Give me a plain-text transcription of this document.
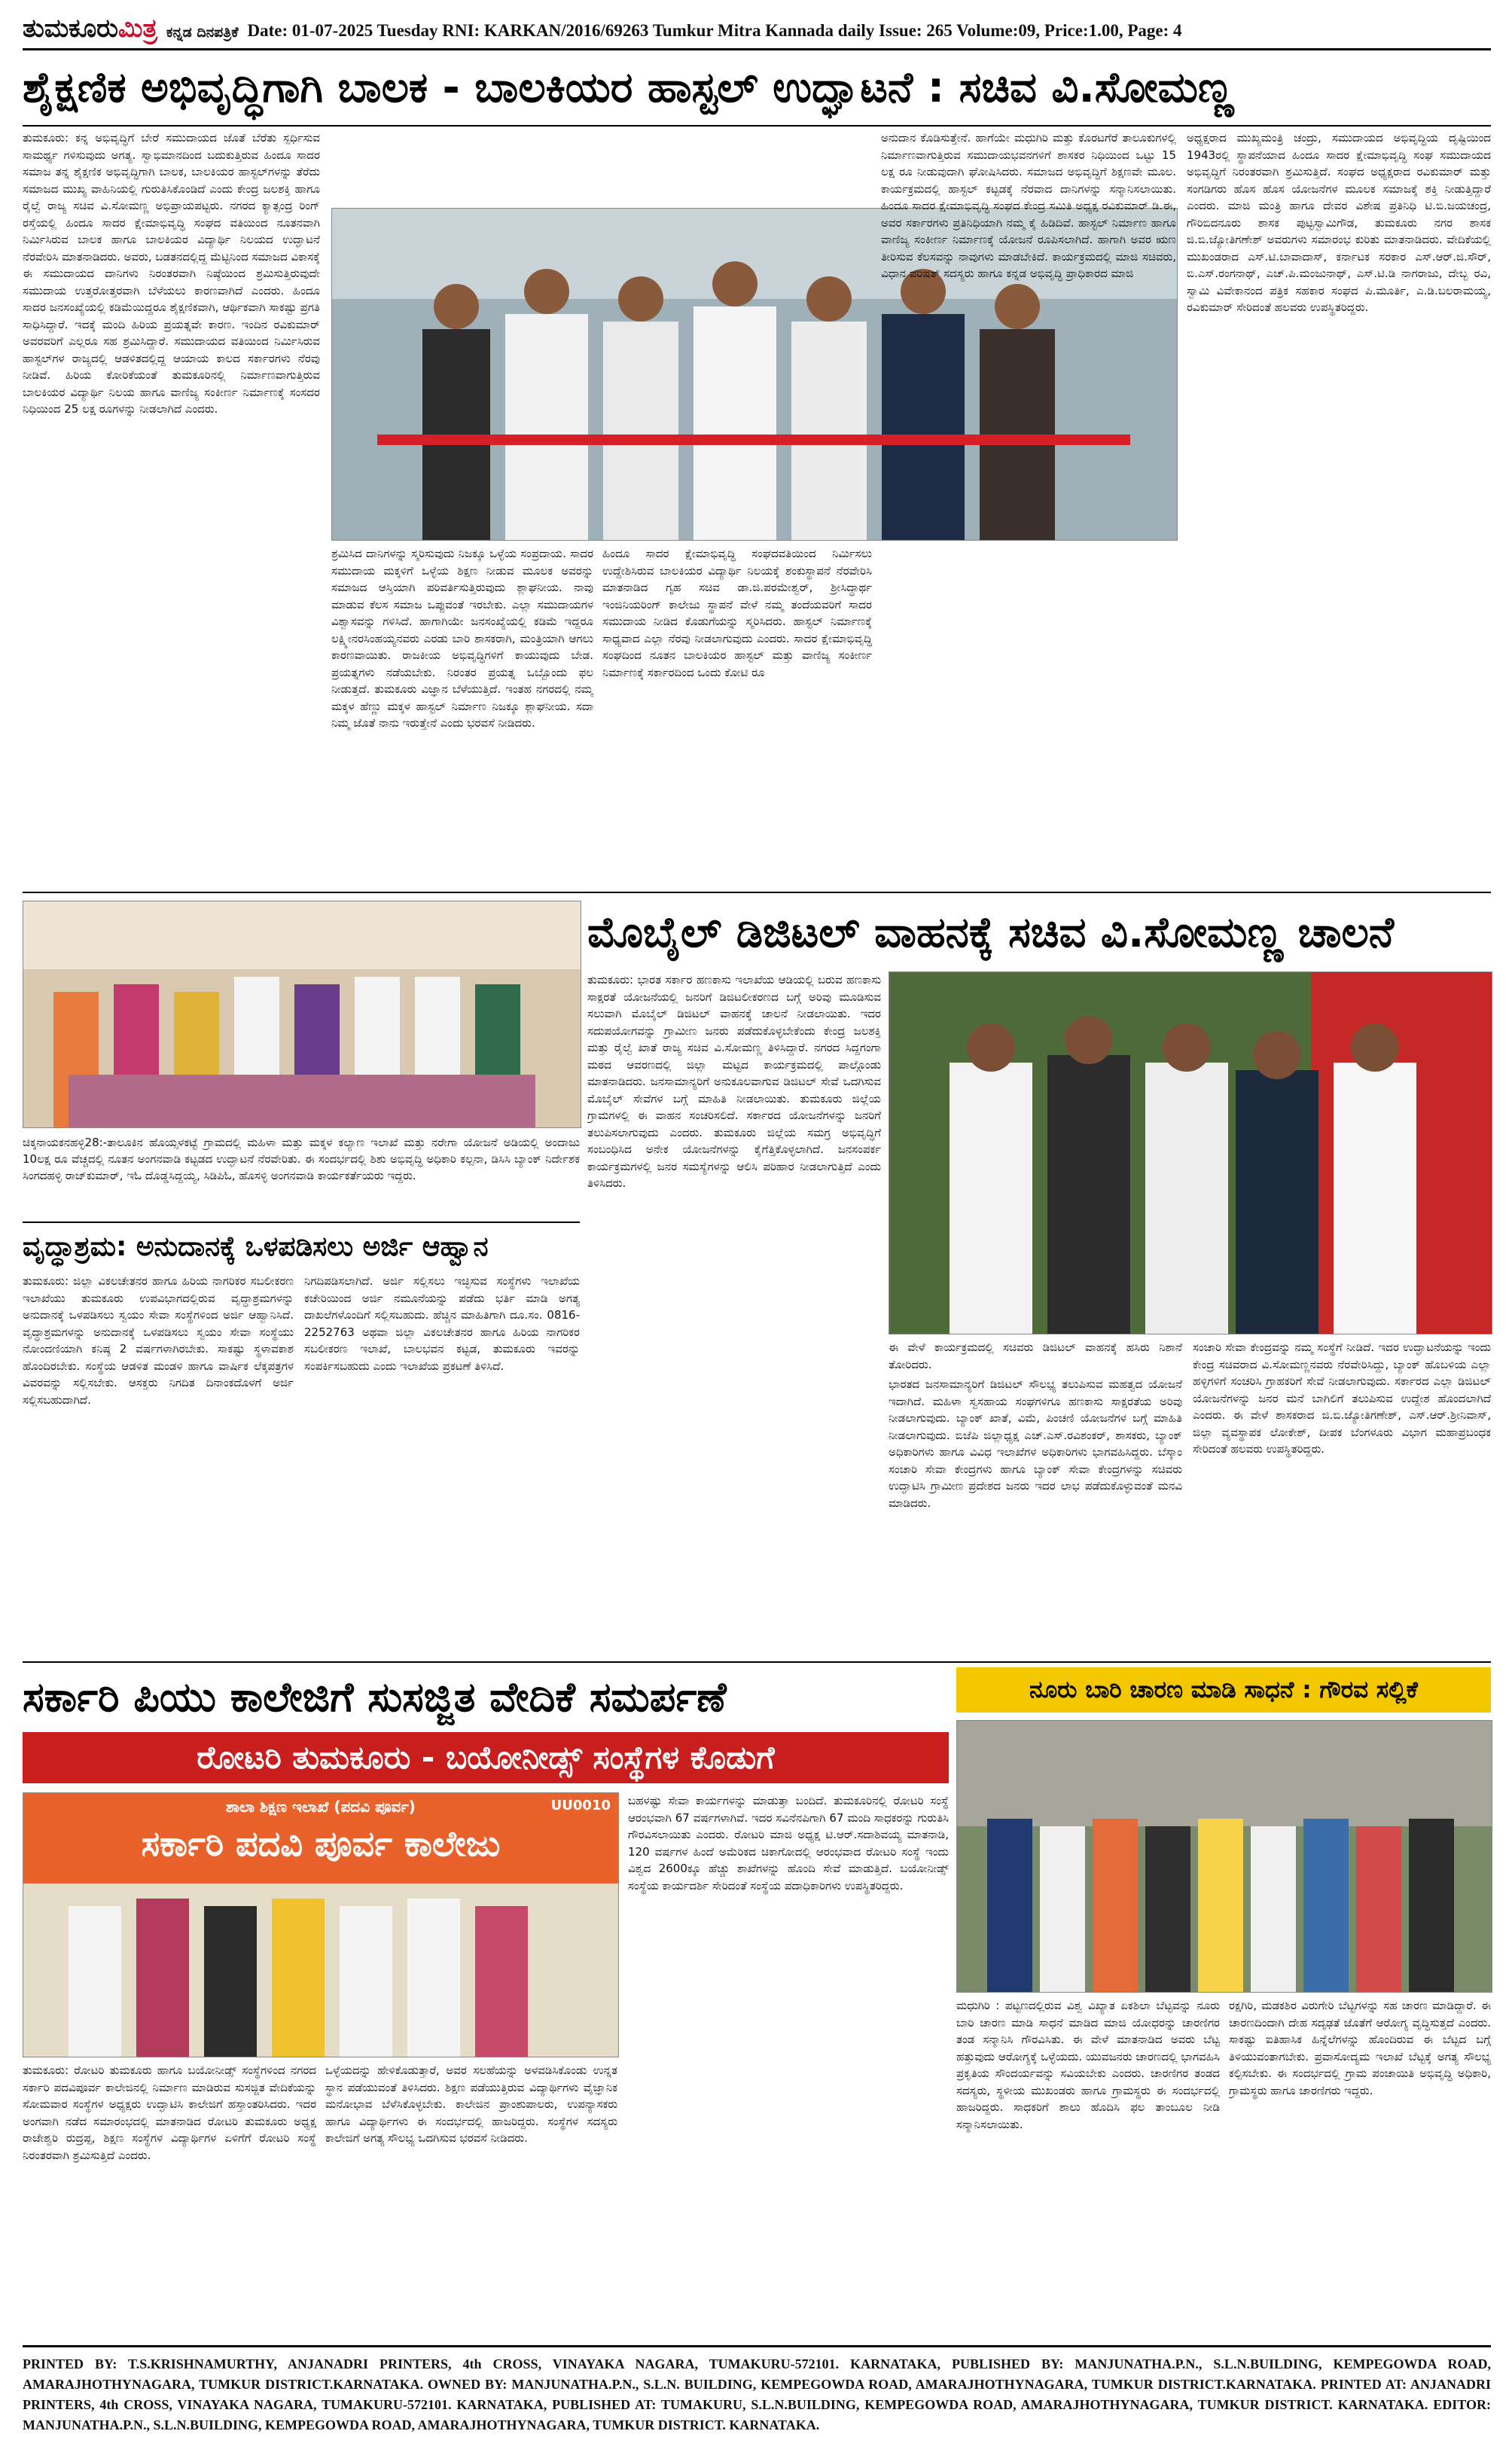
ತುಮಕೂರುಮಿತ್ರ ಕನ್ನಡ ದಿನಪತ್ರಿಕೆ Date: 01-07-2025 Tuesday RNI: KARKAN/2016/69263 Tumkur Mitra Kannada daily Issue: 265 Volume:09, Price:1.00, Page: 4
ಶೈಕ್ಷಣಿಕ ಅಭಿವೃದ್ಧಿಗಾಗಿ ಬಾಲಕ - ಬಾಲಕಿಯರ ಹಾಸ್ಟಲ್ ಉದ್ಘಾಟನೆ : ಸಚಿವ ವಿ.ಸೋಮಣ್ಣ
ತುಮಕೂರು: ಕನ್ನ ಅಭಿವೃದ್ಧಿಗೆ ಬೇರೆ ಸಮುದಾಯದ ಜೊತೆ ಬೆರೆತು ಸ್ಪರ್ಧಿಸುವ ಸಾಮರ್ಥ್ಯ ಗಳಿಸುವುದು ಅಗತ್ಯ. ಸ್ವಾಭಿಮಾನದಿಂದ ಬದುಕುತ್ತಿರುವ ಹಿಂದೂ ಸಾದರ ಸಮಾಜ ತನ್ನ ಶೈಕ್ಷಣಿಕ ಅಭಿವೃದ್ಧಿಗಾಗಿ ಬಾಲಕ, ಬಾಲಕಿಯರ ಹಾಸ್ಟಲ್‌ಗಳನ್ನು ತೆರೆದು ಸಮಾಜದ ಮುಖ್ಯ ವಾಹಿನಿಯಲ್ಲಿ ಗುರುತಿಸಿಕೊಂಡಿದೆ ಎಂದು ಕೇಂದ್ರ ಜಲಶಕ್ತಿ ಹಾಗೂ ರೈಲ್ವೆ ರಾಜ್ಯ ಸಚಿವ ವಿ.ಸೋಮಣ್ಣ ಅಭಿಪ್ರಾಯಪಟ್ಟರು. ನಗರದ ಕ್ಯಾತ್ಸಂದ್ರ ರಿಂಗ್ ರಸ್ತೆಯಲ್ಲಿ ಹಿಂದೂ ಸಾದರ ಕ್ಷೇಮಾಭಿವೃದ್ಧಿ ಸಂಘದ ವತಿಯಿಂದ ನೂತನವಾಗಿ ನಿರ್ಮಿಸಿರುವ ಬಾಲಕ ಹಾಗೂ ಬಾಲಕಿಯರ ವಿದ್ಯಾರ್ಥಿ ನಿಲಯದ ಉದ್ಘಾಟನೆ ನೆರವೇರಿಸಿ ಮಾತನಾಡಿದರು. ಅವರು, ಬಡತನದಲ್ಲಿದ್ದ ಮೆಟ್ಟಿನಿಂದ ಸಮಾಜದ ವಿಕಾಸಕ್ಕೆ ಈ ಸಮುದಾಯದ ದಾನಿಗಳು ನಿರಂತರವಾಗಿ ನಿಷ್ಠೆಯಿಂದ ಶ್ರಮಿಸುತ್ತಿರುವುದೇ ಸಮುದಾಯ ಉತ್ತರೋತ್ತರವಾಗಿ ಬೆಳೆಯಲು ಕಾರಣವಾಗಿದೆ ಎಂದರು. ಹಿಂದೂ ಸಾದರ ಜನಸಂಖ್ಯೆಯಲ್ಲಿ ಕಡಿಮೆಯಿದ್ದರೂ ಶೈಕ್ಷಣಿಕವಾಗಿ, ಆರ್ಥಿಕವಾಗಿ ಸಾಕಷ್ಟು ಪ್ರಗತಿ ಸಾಧಿಸಿದ್ದಾರೆ. ಇದಕ್ಕೆ ಮಂದಿ ಹಿರಿಯ ಪ್ರಯತ್ನವೇ ಕಾರಣ. ಇಂದಿನ ರವಿಕುಮಾರ್ ಅವರವರಿಗೆ ಎಲ್ಲರೂ ಸಹ ಶ್ರಮಿಸಿದ್ದಾರೆ. ಸಮುದಾಯದ ವತಿಯಿಂದ ನಿರ್ಮಿಸಿರುವ ಹಾಸ್ಟಲ್‌ಗಳ ರಾಜ್ಯದಲ್ಲಿ ಆಡಳಿತದಲ್ಲಿದ್ದ ಆಯಾಯ ಕಾಲದ ಸರ್ಕಾರಗಳು ನೆರವು ನೀಡಿವೆ. ಹಿರಿಯ ಕೋರಿಕೆಯಂತೆ ತುಮಕೂರಿನಲ್ಲಿ ನಿರ್ಮಾಣವಾಗುತ್ತಿರುವ ಬಾಲಕಿಯರ ವಿದ್ಯಾರ್ಥಿ ನಿಲಯ ಹಾಗೂ ವಾಣಿಜ್ಯ ಸಂಕೀರ್ಣ ನಿರ್ಮಾಣಕ್ಕೆ ಸಂಸದರ ನಿಧಿಯಿಂದ 25 ಲಕ್ಷ ರೂಗಳನ್ನು ನೀಡಲಾಗಿದೆ ಎಂದರು.
ಶ್ರಮಿಸಿದ ದಾನಿಗಳನ್ನು ಸ್ಮರಿಸುವುದು ನಿಜಕ್ಕೂ ಒಳ್ಳೆಯ ಸಂಪ್ರದಾಯ. ಸಾದರ ಸಮುದಾಯ ಮಕ್ಕಳಿಗೆ ಒಳ್ಳೆಯ ಶಿಕ್ಷಣ ನೀಡುವ ಮೂಲಕ ಅವರನ್ನು ಸಮಾಜದ ಆಸ್ತಿಯಾಗಿ ಪರಿವರ್ತಿಸುತ್ತಿರುವುದು ಶ್ಲಾಘನೀಯ. ನಾವು ಮಾಡುವ ಕೆಲಸ ಸಮಾಜ ಒಪ್ಪುವಂತೆ ಇರಬೇಕು. ಎಲ್ಲಾ ಸಮುದಾಯಗಳ ವಿಶ್ವಾಸವನ್ನು ಗಳಿಸಿದೆ. ಹಾಗಾಗಿಯೇ ಜನಸಂಖ್ಯೆಯಲ್ಲಿ ಕಡಿಮೆ ಇದ್ದರೂ ಲಕ್ಷ್ಮೀನರಸಿಂಹಯ್ಯನವರು ಎರಡು ಬಾರಿ ಶಾಸಕರಾಗಿ, ಮಂತ್ರಿಯಾಗಿ ಆಗಲು ಕಾರಣವಾಯಿತು. ರಾಜಕೀಯ ಅಭಿವೃದ್ಧಿಗಳಿಗೆ ಕಾಯುವುದು ಬೇಡ. ಪ್ರಯತ್ನಗಳು ನಡೆಯಬೇಕು. ನಿರಂತರ ಪ್ರಯತ್ನ ಒಬ್ಬೊಂದು ಫಲ ನೀಡುತ್ತದೆ. ತುಮಕೂರು ವಿಜ್ಞಾನ ಬೆಳೆಯುತ್ತಿದೆ. ಇಂತಹ ನಗರದಲ್ಲಿ ನಮ್ಮ ಮಕ್ಕಳ ಹೆಣ್ಣು ಮಕ್ಕಳ ಹಾಸ್ಟಲ್ ನಿರ್ಮಾಣ ನಿಜಕ್ಕೂ ಶ್ಲಾಘನೀಯ. ಸದಾ ನಿಮ್ಮ ಜೊತೆ ನಾನು ಇರುತ್ತೇನೆ ಎಂದು ಭರವಸೆ ನೀಡಿದರು.
ಹಿಂದೂ ಸಾದರ ಕ್ಷೇಮಾಭಿವೃದ್ಧಿ ಸಂಘದವತಿಯಿಂದ ನಿರ್ಮಿಸಲು ಉದ್ದೇಶಿಸಿರುವ ಬಾಲಕಿಯರ ವಿದ್ಯಾರ್ಥಿ ನಿಲಯಕ್ಕೆ ಶಂಕುಸ್ಥಾಪನೆ ನೆರವೇರಿಸಿ ಮಾತನಾಡಿದ ಗೃಹ ಸಚಿವ ಡಾ.ಜಿ.ಪರಮೇಶ್ವರ್, ಶ್ರೀಸಿದ್ಧಾರ್ಥ ಇಂಜಿನಿಯರಿಂಗ್ ಕಾಲೇಜು ಸ್ಥಾಪನೆ ವೇಳೆ ನಮ್ಮ ತಂದೆಯವರಿಗೆ ಸಾದರ ಸಮುದಾಯ ನೀಡಿದ ಕೊಡುಗೆಯನ್ನು ಸ್ಮರಿಸಿದರು. ಹಾಸ್ಟಲ್ ನಿರ್ಮಾಣಕ್ಕೆ ಸಾಧ್ಯವಾದ ಎಲ್ಲಾ ನೆರವು ನೀಡಲಾಗುವುದು ಎಂದರು. ಸಾದರ ಕ್ಷೇಮಾಭಿವೃದ್ಧಿ ಸಂಘದಿಂದ ನೂತನ ಬಾಲಕಿಯರ ಹಾಸ್ಟಲ್ ಮತ್ತು ವಾಣಿಜ್ಯ ಸಂಕೀರ್ಣ ನಿರ್ಮಾಣಕ್ಕೆ ಸರ್ಕಾರದಿಂದ ಒಂದು ಕೋಟಿ ರೂ
ಅನುದಾನ ಕೊಡಿಸುತ್ತೇನೆ. ಹಾಗೆಯೇ ಮಧುಗಿರಿ ಮತ್ತು ಕೊರಟಗೆರೆ ತಾಲೂಕುಗಳಲ್ಲಿ ನಿರ್ಮಾಣವಾಗುತ್ತಿರುವ ಸಮುದಾಯಭವನಗಳಿಗೆ ಶಾಸಕರ ನಿಧಿಯಿಂದ ಒಟ್ಟು 15 ಲಕ್ಷ ರೂ ನೀಡುವುದಾಗಿ ಘೋಷಿಸಿದರು. ಸಮಾಜದ ಅಭಿವೃದ್ಧಿಗೆ ಶಿಕ್ಷಣವೇ ಮೂಲ. ಕಾರ್ಯಕ್ರಮದಲ್ಲಿ ಹಾಸ್ಟಲ್ ಕಟ್ಟಡಕ್ಕೆ ನೆರವಾದ ದಾನಿಗಳನ್ನು ಸನ್ಮಾನಿಸಲಾಯಿತು. ಹಿಂದೂ ಸಾದರ ಕ್ಷೇಮಾಭಿವೃದ್ಧಿ ಸಂಘದ ಕೇಂದ್ರ ಸಮಿತಿ ಅಧ್ಯಕ್ಷ ರವಿಕುಮಾರ್ ಡಿ.ಈ, ಅವರ ಸರ್ಕಾರಗಳು ಪ್ರತಿನಿಧಿಯಾಗಿ ನಮ್ಮ ಕೈ ಹಿಡಿದಿವೆ. ಹಾಸ್ಟಲ್ ನಿರ್ಮಾಣ ಹಾಗೂ ವಾಣಿಜ್ಯ ಸಂಕೀರ್ಣ ನಿರ್ಮಾಣಕ್ಕೆ ಯೋಜನೆ ರೂಪಿಸಲಾಗಿದೆ. ಹಾಗಾಗಿ ಅವರ ಋಣ ತೀರಿಸುವ ಕೆಲಸವನ್ನು ನಾವುಗಳು ಮಾಡಬೇಕಿದೆ. ಕಾರ್ಯಕ್ರಮದಲ್ಲಿ ಮಾಜಿ ಸಚಿವರು, ವಿಧಾನ ಪರಿಷತ್ ಸದಸ್ಯರು ಹಾಗೂ ಕನ್ನಡ ಅಭಿವೃದ್ಧಿ ಪ್ರಾಧಿಕಾರದ ಮಾಜಿ
ಅಧ್ಯಕ್ಷರಾದ ಮುಖ್ಯಮಂತ್ರಿ ಚಂದ್ರು, ಸಮುದಾಯದ ಅಭಿವೃದ್ಧಿಯ ದೃಷ್ಟಿಯಿಂದ 1943ರಲ್ಲಿ ಸ್ಥಾಪನೆಯಾದ ಹಿಂದೂ ಸಾದರ ಕ್ಷೇಮಾಭಿವೃದ್ಧಿ ಸಂಘ ಸಮುದಾಯದ ಅಭಿವೃದ್ಧಿಗೆ ನಿರಂತರವಾಗಿ ಶ್ರಮಿಸುತ್ತಿದೆ. ಸಂಘದ ಅಧ್ಯಕ್ಷರಾದ ರವಿಕುಮಾರ್ ಮತ್ತು ಸಂಗಡಿಗರು ಹೊಸ ಹೊಸ ಯೋಜನೆಗಳ ಮೂಲಕ ಸಮಾಜಕ್ಕೆ ಶಕ್ತಿ ನೀಡುತ್ತಿದ್ದಾರೆ ಎಂದರು. ಮಾಜಿ ಮಂತ್ರಿ ಹಾಗೂ ದೇವರ ವಿಶೇಷ ಪ್ರತಿನಿಧಿ ಟಿ.ಬಿ.ಜಯಚಂದ್ರ, ಗೌರಿಬಿದನೂರು ಶಾಸಕ ಪುಟ್ಟಸ್ವಾಮಿಗೌಡ, ತುಮಕೂರು ನಗರ ಶಾಸಕ ಜಿ.ಬಿ.ಜ್ಯೋತಿಗಣೇಶ್ ಅವರುಗಳು ಸಮಾರಂಭ ಕುರಿತು ಮಾತನಾಡಿದರು. ವೇದಿಕೆಯಲ್ಲಿ ಮುಖಂಡರಾದ ಎಸ್.ಟಿ.ಬಾವಾದಾಸ್, ಕರ್ನಾಟಕ ಸರಕಾರ ಎಸ್.ಆರ್.ಜಿ.ಸೌರ್, ಬಿ.ಎಸ್.ರಂಗನಾಥ್, ಎಚ್.ಪಿ.ಮಂಜುನಾಥ್, ಎಸ್.ಟಿ.ಡಿ ನಾಗರಾಜು, ದೇಬ್ಬ ರವಿ, ಸ್ವಾಮಿ ವಿವೇಕಾನಂದ ಪತ್ರಿಕ ಸಹಕಾರ ಸಂಘದ ಪಿ.ಮೂರ್ತಿ, ಎ.ಡಿ.ಬಲರಾಮಯ್ಯ, ರವಿಕುಮಾರ್ ಸೇರಿದಂತೆ ಹಲವರು ಉಪಸ್ಥಿತರಿದ್ದರು.
ಚಿಕ್ಕನಾಯಕನಹಳ್ಳಿ28:-ತಾಲೂಕಿನ ಹೊಯ್ಸಳಕಟ್ಟೆ ಗ್ರಾಮದಲ್ಲಿ ಮಹಿಳಾ ಮತ್ತು ಮಕ್ಕಳ ಕಲ್ಯಾಣ ಇಲಾಖೆ ಮತ್ತು ನರೇಗಾ ಯೋಜನೆ ಅಡಿಯಲ್ಲಿ ಅಂದಾಜು 10ಲಕ್ಷ ರೂ ವೆಚ್ಚದಲ್ಲಿ ನೂತನ ಅಂಗನವಾಡಿ ಕಟ್ಟಡದ ಉದ್ಘಾಟನೆ ನೆರವೇರಿತು. ಈ ಸಂದರ್ಭದಲ್ಲಿ ಶಿಶು ಅಭಿವೃದ್ಧಿ ಅಧಿಕಾರಿ ಕಲ್ಪನಾ, ಡಿಸಿಸಿ ಬ್ಯಾಂಕ್ ನಿರ್ದೇಶಕ ಸಿಂಗದಹಳ್ಳಿ ರಾಜ್‌ಕುಮಾರ್, ಇಓ ದೊಡ್ಡಸಿದ್ದಯ್ಯ, ಸಿಡಿಪಿಓ, ಹೊಸಳ್ಳಿ ಅಂಗನವಾಡಿ ಕಾರ್ಯಕರ್ತೆಯರು ಇದ್ದರು.
ವೃದ್ಧಾಶ್ರಮ: ಅನುದಾನಕ್ಕೆ ಒಳಪಡಿಸಲು ಅರ್ಜಿ ಆಹ್ವಾನ
ತುಮಕೂರು: ಜಿಲ್ಲಾ ವಿಕಲಚೇತನರ ಹಾಗೂ ಹಿರಿಯ ನಾಗರಿಕರ ಸಬಲೀಕರಣ ಇಲಾಖೆಯು ತುಮಕೂರು ಉಪವಿಭಾಗದಲ್ಲಿರುವ ವೃದ್ಧಾಶ್ರಮಗಳನ್ನು ಅನುದಾನಕ್ಕೆ ಒಳಪಡಿಸಲು ಸ್ವಯಂ ಸೇವಾ ಸಂಸ್ಥೆಗಳಿಂದ ಅರ್ಜಿ ಆಹ್ವಾನಿಸಿದೆ. ವೃದ್ಧಾಶ್ರಮಗಳನ್ನು ಅನುದಾನಕ್ಕೆ ಒಳಪಡಿಸಲು ಸ್ವಯಂ ಸೇವಾ ಸಂಸ್ಥೆಯು ನೋಂದಣಿಯಾಗಿ ಕನಿಷ್ಠ 2 ವರ್ಷಗಳಾಗಿರಬೇಕು. ಸಾಕಷ್ಟು ಸ್ಥಳಾವಕಾಶ ಹೊಂದಿರಬೇಕು. ಸಂಸ್ಥೆಯ ಆಡಳಿತ ಮಂಡಳಿ ಹಾಗೂ ವಾರ್ಷಿಕ ಲೆಕ್ಕಪತ್ರಗಳ ವಿವರವನ್ನು ಸಲ್ಲಿಸಬೇಕು. ಆಸಕ್ತರು ನಿಗದಿತ ದಿನಾಂಕದೊಳಗೆ ಅರ್ಜಿ ಸಲ್ಲಿಸಬಹುದಾಗಿದೆ.
ನಿಗದಿಪಡಿಸಲಾಗಿದೆ. ಅರ್ಜಿ ಸಲ್ಲಿಸಲು ಇಚ್ಛಿಸುವ ಸಂಸ್ಥೆಗಳು ಇಲಾಖೆಯ ಕಚೇರಿಯಿಂದ ಅರ್ಜಿ ನಮೂನೆಯನ್ನು ಪಡೆದು ಭರ್ತಿ ಮಾಡಿ ಅಗತ್ಯ ದಾಖಲೆಗಳೊಂದಿಗೆ ಸಲ್ಲಿಸಬಹುದು. ಹೆಚ್ಚಿನ ಮಾಹಿತಿಗಾಗಿ ದೂ.ಸಂ. 0816-2252763 ಅಥವಾ ಜಿಲ್ಲಾ ವಿಕಲಚೇತನರ ಹಾಗೂ ಹಿರಿಯ ನಾಗರಿಕರ ಸಬಲೀಕರಣ ಇಲಾಖೆ, ಬಾಲಭವನ ಕಟ್ಟಡ, ತುಮಕೂರು ಇವರನ್ನು ಸಂಪರ್ಕಿಸಬಹುದು ಎಂದು ಇಲಾಖೆಯ ಪ್ರಕಟಣೆ ತಿಳಿಸಿದೆ.
ಮೊಬೈಲ್ ಡಿಜಿಟಲ್ ವಾಹನಕ್ಕೆ ಸಚಿವ ವಿ.ಸೋಮಣ್ಣ ಚಾಲನೆ
ತುಮಕೂರು: ಭಾರತ ಸರ್ಕಾರ ಹಣಕಾಸು ಇಲಾಖೆಯ ಆಡಿಯಲ್ಲಿ ಬರುವ ಹಣಕಾಸು ಸಾಕ್ಷರತೆ ಯೋಜನೆಯಲ್ಲಿ ಜನರಿಗೆ ಡಿಜಿಟಲೀಕರಣದ ಬಗ್ಗೆ ಅರಿವು ಮೂಡಿಸುವ ಸಲುವಾಗಿ ಮೊಬೈಲ್ ಡಿಜಿಟಲ್ ವಾಹನಕ್ಕೆ ಚಾಲನೆ ನೀಡಲಾಯಿತು. ಇದರ ಸದುಪಯೋಗವನ್ನು ಗ್ರಾಮೀಣ ಜನರು ಪಡೆದುಕೊಳ್ಳಬೇಕೆಂದು ಕೇಂದ್ರ ಜಲಶಕ್ತಿ ಮತ್ತು ರೈಲ್ವೆ ಖಾತೆ ರಾಜ್ಯ ಸಚಿವ ವಿ.ಸೋಮಣ್ಣ ತಿಳಿಸಿದ್ದಾರೆ. ನಗರದ ಸಿದ್ದಗಂಗಾ ಮಠದ ಆವರಣದಲ್ಲಿ ಜಿಲ್ಲಾ ಮಟ್ಟದ ಕಾರ್ಯಕ್ರಮದಲ್ಲಿ ಪಾಲ್ಗೊಂಡು ಮಾತನಾಡಿದರು. ಜನಸಾಮಾನ್ಯರಿಗೆ ಅನುಕೂಲವಾಗುವ ಡಿಜಿಟಲ್ ಸೇವೆ ಒದಗಿಸುವ ಮೊಬೈಲ್ ಸೇವೆಗಳ ಬಗ್ಗೆ ಮಾಹಿತಿ ನೀಡಲಾಯಿತು. ತುಮಕೂರು ಜಿಲ್ಲೆಯ ಗ್ರಾಮಗಳಲ್ಲಿ ಈ ವಾಹನ ಸಂಚರಿಸಲಿದೆ. ಸರ್ಕಾರದ ಯೋಜನೆಗಳನ್ನು ಜನರಿಗೆ ತಲುಪಿಸಲಾಗುವುದು ಎಂದರು. ತುಮಕೂರು ಜಿಲ್ಲೆಯ ಸಮಗ್ರ ಅಭಿವೃದ್ಧಿಗೆ ಸಂಬಂಧಿಸಿದ ಅನೇಕ ಯೋಜನೆಗಳನ್ನು ಕೈಗೆತ್ತಿಕೊಳ್ಳಲಾಗಿದೆ. ಜನಸಂಪರ್ಕ ಕಾರ್ಯಕ್ರಮಗಳಲ್ಲಿ ಜನರ ಸಮಸ್ಯೆಗಳನ್ನು ಆಲಿಸಿ ಪರಿಹಾರ ನೀಡಲಾಗುತ್ತಿದೆ ಎಂದು ತಿಳಿಸಿದರು.

ಈ ವೇಳೆ ಕಾರ್ಯಕ್ರಮದಲ್ಲಿ ಸಚಿವರು ಡಿಜಿಟಲ್ ವಾಹನಕ್ಕೆ ಹಸಿರು ನಿಶಾನೆ ತೋರಿದರು.

ಭಾರತದ ಜನಸಾಮಾನ್ಯರಿಗೆ ಡಿಜಿಟಲ್ ಸೌಲಭ್ಯ ತಲುಪಿಸುವ ಮಹತ್ವದ ಯೋಜನೆ ಇದಾಗಿದೆ. ಮಹಿಳಾ ಸ್ವಸಹಾಯ ಸಂಘಗಳಿಗೂ ಹಣಕಾಸು ಸಾಕ್ಷರತೆಯ ಅರಿವು ನೀಡಲಾಗುವುದು. ಬ್ಯಾಂಕ್ ಖಾತೆ, ವಿಮೆ, ಪಿಂಚಣಿ ಯೋಜನೆಗಳ ಬಗ್ಗೆ ಮಾಹಿತಿ ನೀಡಲಾಗುವುದು. ಬಿಜೆಪಿ ಜಿಲ್ಲಾಧ್ಯಕ್ಷ ಎಚ್.ಎಸ್.ರವಿಶಂಕರ್, ಶಾಸಕರು, ಬ್ಯಾಂಕ್ ಅಧಿಕಾರಿಗಳು ಹಾಗೂ ವಿವಿಧ ಇಲಾಖೆಗಳ ಅಧಿಕಾರಿಗಳು ಭಾಗವಹಿಸಿದ್ದರು. ಬೆಸ್ಕಾಂ ಸಂಚಾರಿ ಸೇವಾ ಕೇಂದ್ರಗಳು ಹಾಗೂ ಬ್ಯಾಂಕ್ ಸೇವಾ ಕೇಂದ್ರಗಳನ್ನು ಸಚಿವರು ಉದ್ಘಾಟಿಸಿ ಗ್ರಾಮೀಣ ಪ್ರದೇಶದ ಜನರು ಇದರ ಲಾಭ ಪಡೆದುಕೊಳ್ಳುವಂತೆ ಮನವಿ ಮಾಡಿದರು.

ಸಂಚಾರಿ ಸೇವಾ ಕೇಂದ್ರವನ್ನು ನಮ್ಮ ಸಂಸ್ಥೆಗೆ ನೀಡಿದೆ. ಇದರ ಉದ್ಘಾಟನೆಯನ್ನು ಇಂದು ಕೇಂದ್ರ ಸಚಿವರಾದ ವಿ.ಸೋಮಣ್ಣನವರು ನೆರವೇರಿಸಿದ್ದು, ಬ್ಯಾಂಕ್ ಹೊಬಳಿಯ ಎಲ್ಲಾ ಹಳ್ಳಿಗಳಿಗೆ ಸಂಚರಿಸಿ ಗ್ರಾಹಕರಿಗೆ ಸೇವೆ ನೀಡಲಾಗುವುದು. ಸರ್ಕಾರದ ಎಲ್ಲಾ ಡಿಜಿಟಲ್ ಯೋಜನೆಗಳನ್ನು ಜನರ ಮನೆ ಬಾಗಿಲಿಗೆ ತಲುಪಿಸುವ ಉದ್ದೇಶ ಹೊಂದಲಾಗಿದೆ ಎಂದರು. ಈ ವೇಳೆ ಶಾಸಕರಾದ ಜಿ.ಬಿ.ಜ್ಯೋತಿಗಣೇಶ್, ಎಸ್.ಆರ್.ಶ್ರೀನಿವಾಸ್, ಜಿಲ್ಲಾ ವ್ಯವಸ್ಥಾಪಕ ಲೋಕೇಶ್, ದೀಪಕ ಬೆಂಗಳೂರು ವಿಭಾಗ ಮಹಾಪ್ರಬಂಧಕ ಸೇರಿದಂತೆ ಹಲವರು ಉಪಸ್ಥಿತರಿದ್ದರು.
ಸರ್ಕಾರಿ ಪಿಯು ಕಾಲೇಜಿಗೆ ಸುಸಜ್ಜಿತ ವೇದಿಕೆ ಸಮರ್ಪಣೆ
ರೋಟರಿ ತುಮಕೂರು - ಬಯೋನೀಡ್ಸ್ ಸಂಸ್ಥೆಗಳ ಕೊಡುಗೆ
ಶಾಲಾ ಶಿಕ್ಷಣ ಇಲಾಖೆ (ಪದವಿ ಪೂರ್ವ)	UU0010
ಸರ್ಕಾರಿ ಪದವಿ ಪೂರ್ವ ಕಾಲೇಜು
ತುಮಕೂರು: ರೋಟರಿ ತುಮಕೂರು ಹಾಗೂ ಬಯೋನೀಡ್ಸ್ ಸಂಸ್ಥೆಗಳಿಂದ ನಗರದ ಸರ್ಕಾರಿ ಪದವಿಪೂರ್ವ ಕಾಲೇಜಿನಲ್ಲಿ ನಿರ್ಮಾಣ ಮಾಡಿರುವ ಸುಸಜ್ಜಿತ ವೇದಿಕೆಯನ್ನು ಸೋಮವಾರ ಸಂಸ್ಥೆಗಳ ಅಧ್ಯಕ್ಷರು ಉದ್ಘಾಟಿಸಿ ಕಾಲೇಜಿಗೆ ಹಸ್ತಾಂತರಿಸಿದರು. ಇದರ ಅಂಗವಾಗಿ ನಡೆದ ಸಮಾರಂಭದಲ್ಲಿ ಮಾತನಾಡಿದ ರೋಟರಿ ತುಮಕೂರು ಅಧ್ಯಕ್ಷ ರಾಜೇಶ್ವರಿ ರುದ್ರಪ್ಪ, ಶಿಕ್ಷಣ ಸಂಸ್ಥೆಗಳ ವಿದ್ಯಾರ್ಥಿಗಳ ಏಳಿಗೆಗೆ ರೋಟರಿ ಸಂಸ್ಥೆ ನಿರಂತರವಾಗಿ ಶ್ರಮಿಸುತ್ತಿದೆ ಎಂದರು.
ಒಳ್ಳೆಯದನ್ನು ಹೇಳಿಕೊಡುತ್ತಾರೆ, ಅವರ ಸಲಹೆಯನ್ನು ಅಳವಡಿಸಿಕೊಂಡು ಉನ್ನತ ಸ್ಥಾನ ಪಡೆಯುವಂತೆ ತಿಳಿಸಿದರು. ಶಿಕ್ಷಣ ಪಡೆಯುತ್ತಿರುವ ವಿದ್ಯಾರ್ಥಿಗಳು ವೈಜ್ಞಾನಿಕ ಮನೋಭಾವ ಬೆಳೆಸಿಕೊಳ್ಳಬೇಕು. ಕಾಲೇಜಿನ ಪ್ರಾಂಶುಪಾಲರು, ಉಪನ್ಯಾಸಕರು ಹಾಗೂ ವಿದ್ಯಾರ್ಥಿಗಳು ಈ ಸಂದರ್ಭದಲ್ಲಿ ಹಾಜರಿದ್ದರು. ಸಂಸ್ಥೆಗಳ ಸದಸ್ಯರು ಕಾಲೇಜಿಗೆ ಅಗತ್ಯ ಸೌಲಭ್ಯ ಒದಗಿಸುವ ಭರವಸೆ ನೀಡಿದರು.
ಬಹಳಷ್ಟು ಸೇವಾ ಕಾರ್ಯಗಳನ್ನು ಮಾಡುತ್ತಾ ಬಂದಿದೆ. ತುಮಕೂರಿನಲ್ಲಿ ರೋಟರಿ ಸಂಸ್ಥೆ ಆರಂಭವಾಗಿ 67 ವರ್ಷಗಳಾಗಿವೆ. ಇದರ ಸವಿನೆನಪಿಗಾಗಿ 67 ಮಂದಿ ಸಾಧಕರನ್ನು ಗುರುತಿಸಿ ಗೌರವಿಸಲಾಯಿತು ಎಂದರು. ರೋಟರಿ ಮಾಜಿ ಅಧ್ಯಕ್ಷ ಟಿ.ಆರ್.ಸದಾಶಿವಯ್ಯ ಮಾತನಾಡಿ, 120 ವರ್ಷಗಳ ಹಿಂದೆ ಅಮೆರಿಕದ ಚಿಕಾಗೋದಲ್ಲಿ ಆರಂಭವಾದ ರೋಟರಿ ಸಂಸ್ಥೆ ಇಂದು ವಿಶ್ವದ 2600ಕ್ಕೂ ಹೆಚ್ಚು ಶಾಖೆಗಳನ್ನು ಹೊಂದಿ ಸೇವೆ ಮಾಡುತ್ತಿದೆ. ಬಯೋನೀಡ್ಸ್ ಸಂಸ್ಥೆಯ ಕಾರ್ಯದರ್ಶಿ ಸೇರಿದಂತೆ ಸಂಸ್ಥೆಯ ಪದಾಧಿಕಾರಿಗಳು ಉಪಸ್ಥಿತರಿದ್ದರು.
ನೂರು ಬಾರಿ ಚಾರಣ ಮಾಡಿ ಸಾಧನೆ : ಗೌರವ ಸಲ್ಲಿಕೆ
ಮಧುಗಿರಿ : ಪಟ್ಟಣದಲ್ಲಿರುವ ವಿಶ್ವ ವಿಖ್ಯಾತ ಏಕಶಿಲಾ ಬೆಟ್ಟವನ್ನು ನೂರು ಬಾರಿ ಚಾರಣ ಮಾಡಿ ಸಾಧನೆ ಮಾಡಿದ ಮಾಜಿ ಯೋಧರನ್ನು ಚಾರಣಿಗರ ತಂಡ ಸನ್ಮಾನಿಸಿ ಗೌರವಿಸಿತು. ಈ ವೇಳೆ ಮಾತನಾಡಿದ ಅವರು ಬೆಟ್ಟ ಹತ್ತುವುದು ಆರೋಗ್ಯಕ್ಕೆ ಒಳ್ಳೆಯದು. ಯುವಜನರು ಚಾರಣದಲ್ಲಿ ಭಾಗವಹಿಸಿ ಪ್ರಕೃತಿಯ ಸೌಂದರ್ಯವನ್ನು ಸವಿಯಬೇಕು ಎಂದರು. ಚಾರಣಿಗರ ತಂಡದ ಸದಸ್ಯರು, ಸ್ಥಳೀಯ ಮುಖಂಡರು ಹಾಗೂ ಗ್ರಾಮಸ್ಥರು ಈ ಸಂದರ್ಭದಲ್ಲಿ ಹಾಜರಿದ್ದರು. ಸಾಧಕರಿಗೆ ಶಾಲು ಹೊದಿಸಿ ಫಲ ತಾಂಬೂಲ ನೀಡಿ ಸನ್ಮಾನಿಸಲಾಯಿತು.
ರಕ್ಷಗಿರಿ, ಮಡಕಶಿರ ವಿರುಗೇರಿ ಬೆಟ್ಟಗಳನ್ನು ಸಹ ಚಾರಣ ಮಾಡಿದ್ದಾರೆ. ಈ ಚಾರಣದಿಂದಾಗಿ ದೇಹ ಸದೃಢತೆ ಜೊತೆಗೆ ಆರೋಗ್ಯ ವೃದ್ಧಿಸುತ್ತದೆ ಎಂದರು. ಸಾಕಷ್ಟು ಐತಿಹಾಸಿಕ ಹಿನ್ನೆಲೆಗಳನ್ನು ಹೊಂದಿರುವ ಈ ಬೆಟ್ಟದ ಬಗ್ಗೆ ತಿಳಿಯುವಂತಾಗಬೇಕು. ಪ್ರವಾಸೋದ್ಯಮ ಇಲಾಖೆ ಬೆಟ್ಟಕ್ಕೆ ಅಗತ್ಯ ಸೌಲಭ್ಯ ಕಲ್ಪಿಸಬೇಕು. ಈ ಸಂದರ್ಭದಲ್ಲಿ ಗ್ರಾಮ ಪಂಚಾಯಿತಿ ಅಭಿವೃದ್ಧಿ ಅಧಿಕಾರಿ, ಗ್ರಾಮಸ್ಥರು ಹಾಗೂ ಚಾರಣಿಗರು ಇದ್ದರು.
PRINTED BY: T.S.KRISHNAMURTHY, ANJANADRI PRINTERS, 4th CROSS, VINAYAKA NAGARA, TUMAKURU-572101. KARNATAKA, PUBLISHED BY: MANJUNATHA.P.N., S.L.N.BUILDING, KEMPEGOWDA ROAD, AMARAJHOTHYNAGARA, TUMKUR DISTRICT.KARNATAKA. OWNED BY: MANJUNATHA.P.N., S.L.N. BUILDING, KEMPEGOWDA ROAD, AMARAJHOTHYNAGARA, TUMKUR DISTRICT.KARNATAKA. PRINTED AT: ANJANADRI PRINTERS, 4th CROSS, VINAYAKA NAGARA, TUMAKURU-572101. KARNATAKA, PUBLISHED AT: TUMAKURU, S.L.N.BUILDING, KEMPEGOWDA ROAD, AMARAJHOTHYNAGARA, TUMKUR DISTRICT. KARNATAKA. EDITOR: MANJUNATHA.P.N., S.L.N.BUILDING, KEMPEGOWDA ROAD, AMARAJHOTHYNAGARA, TUMKUR DISTRICT. KARNATAKA.
